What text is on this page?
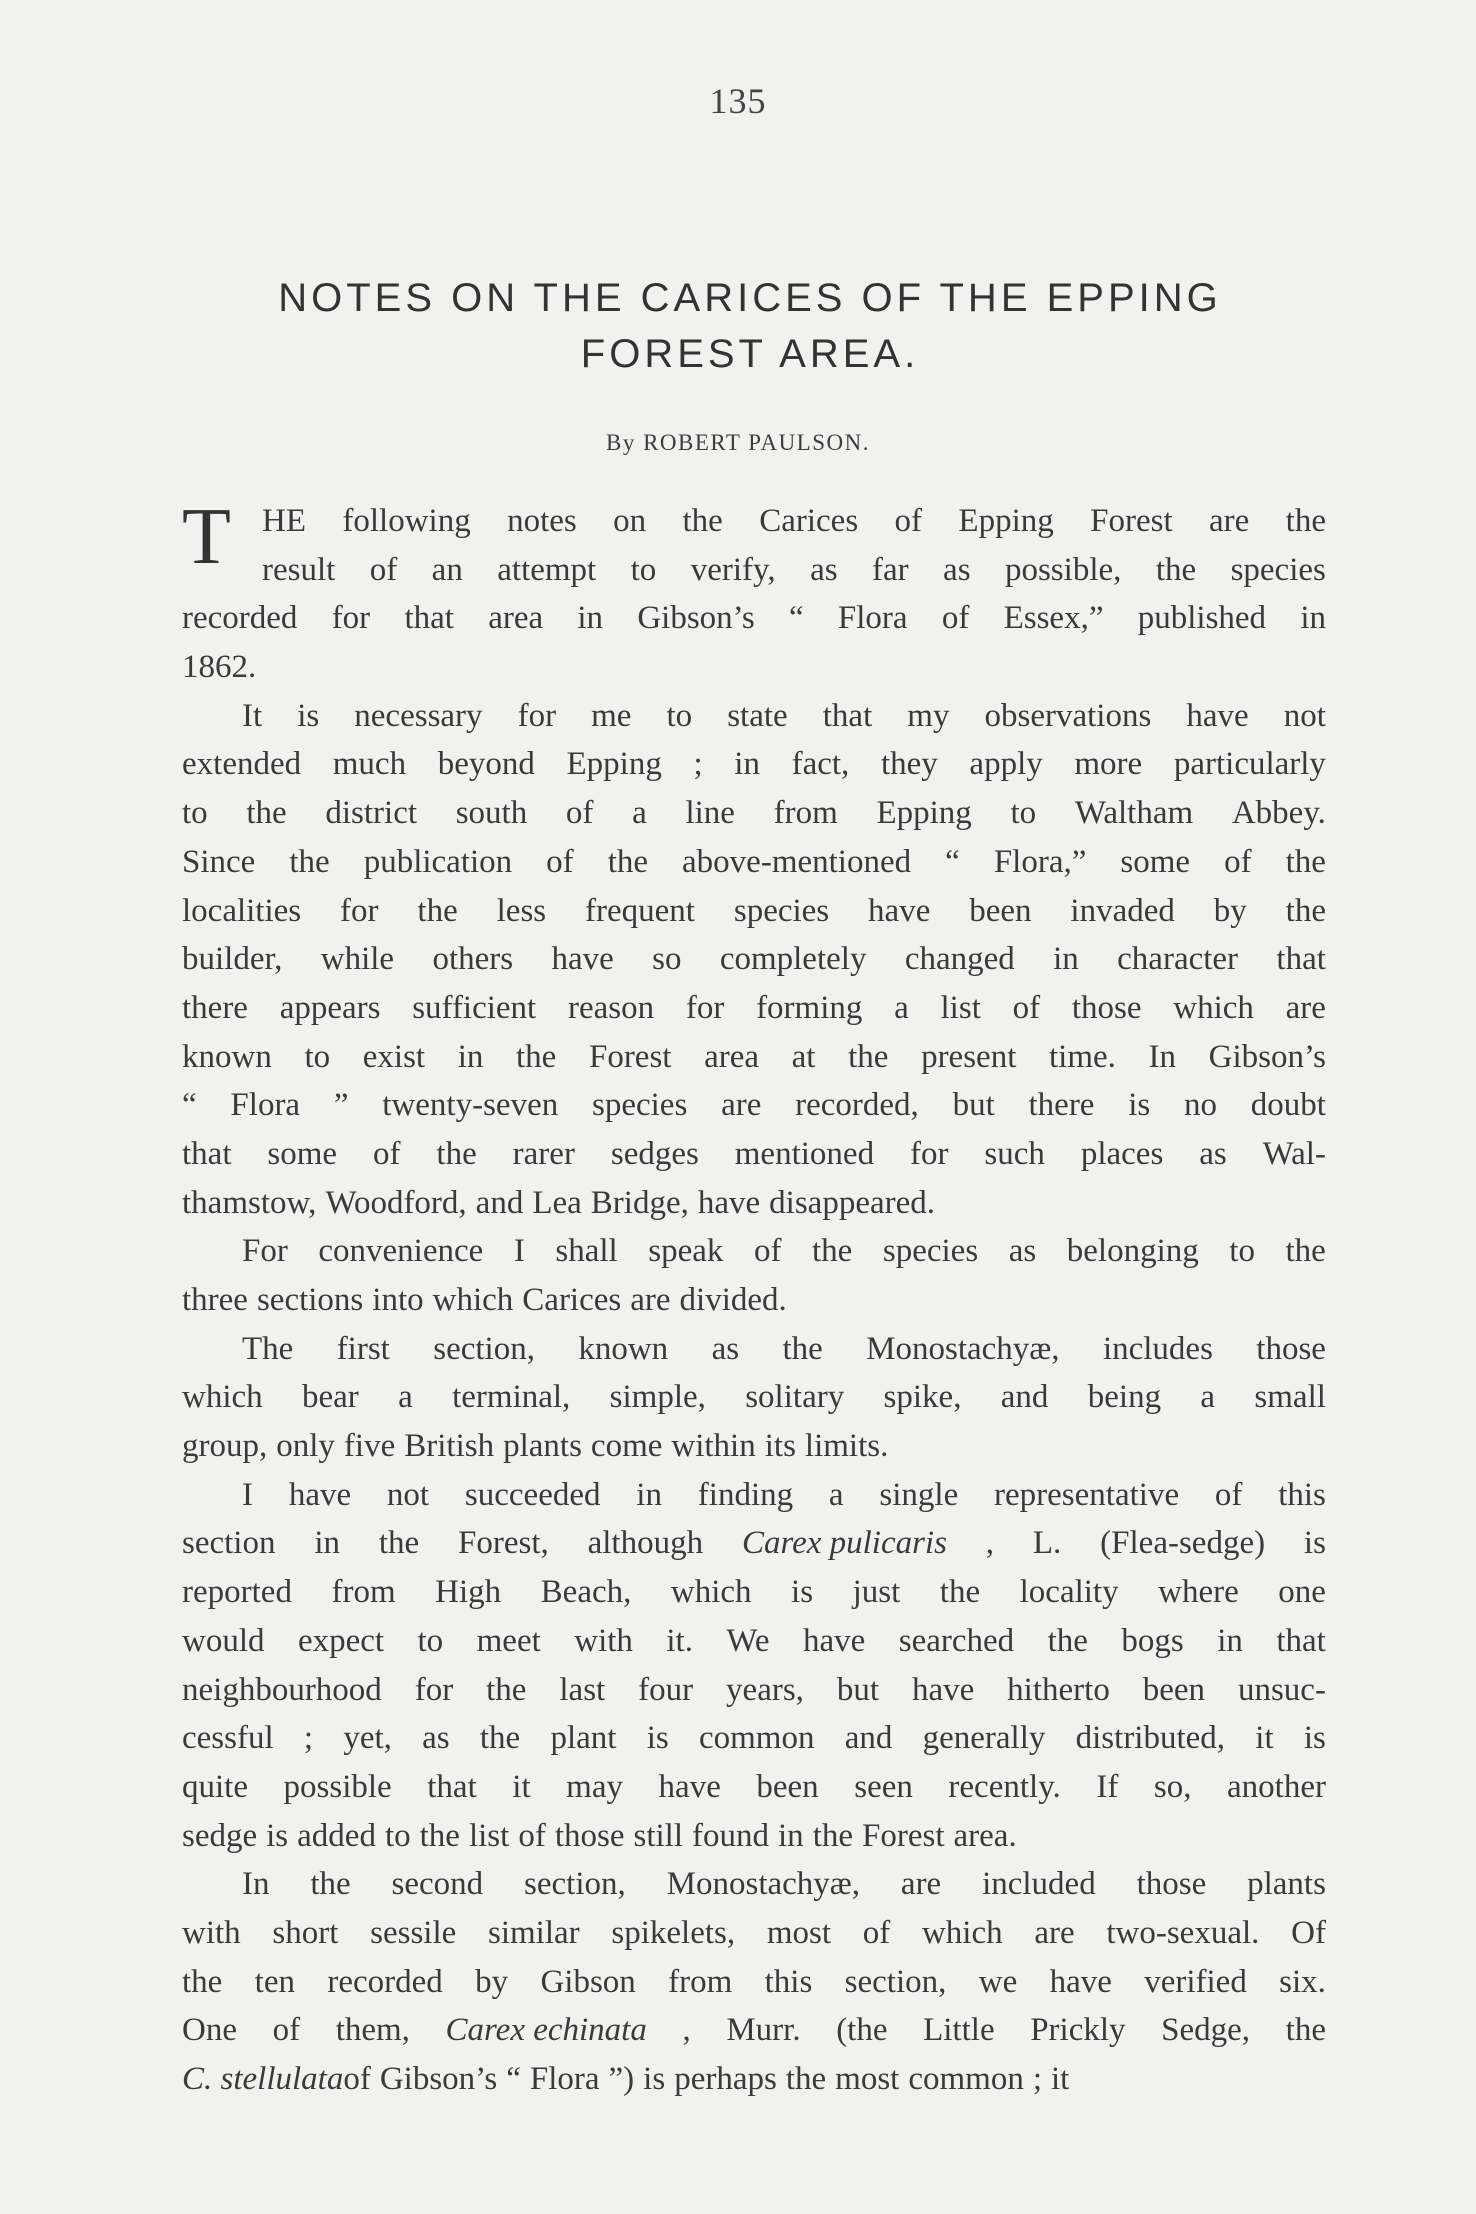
135
NOTES ON THE CARICES OF THE EPPING
FOREST AREA.
By ROBERT PAULSON.
T HE following notes on the Carices of Epping Forest are the
result of an attempt to verify, as far as possible, the species
recorded for that area in Gibson’s “ Flora of Essex,” published in
1862.
It is necessary for me to state that my observations have not
extended much beyond Epping ; in fact, they apply more particularly
to the district south of a line from Epping to Waltham Abbey.
Since the publication of the above-mentioned “ Flora,” some of the
localities for the less frequent species have been invaded by the
builder, while others have so completely changed in character that
there appears sufficient reason for forming a list of those which are
known to exist in the Forest area at the present time. In Gibson’s
“ Flora ” twenty-seven species are recorded, but there is no doubt
that some of the rarer sedges mentioned for such places as Wal-
thamstow, Woodford, and Lea Bridge, have disappeared.
For convenience I shall speak of the species as belonging to the
three sections into which Carices are divided.
The first section, known as the Monostachyæ, includes those
which bear a terminal, simple, solitary spike, and being a small
group, only five British plants come within its limits.
I have not succeeded in finding a single representative of this
section in the Forest, although Carex pulicaris , L. (Flea-sedge) is
reported from High Beach, which is just the locality where one
would expect to meet with it. We have searched the bogs in that
neighbourhood for the last four years, but have hitherto been unsuc-
cessful ; yet, as the plant is common and generally distributed, it is
quite possible that it may have been seen recently. If so, another
sedge is added to the list of those still found in the Forest area.
In the second section, Monostachyæ, are included those plants
with short sessile similar spikelets, most of which are two-sexual. Of
the ten recorded by Gibson from this section, we have verified six.
One of them, Carex echinata , Murr. (the Little Prickly Sedge, the
C. stellulata of Gibson’s “ Flora ”) is perhaps the most common ; it
